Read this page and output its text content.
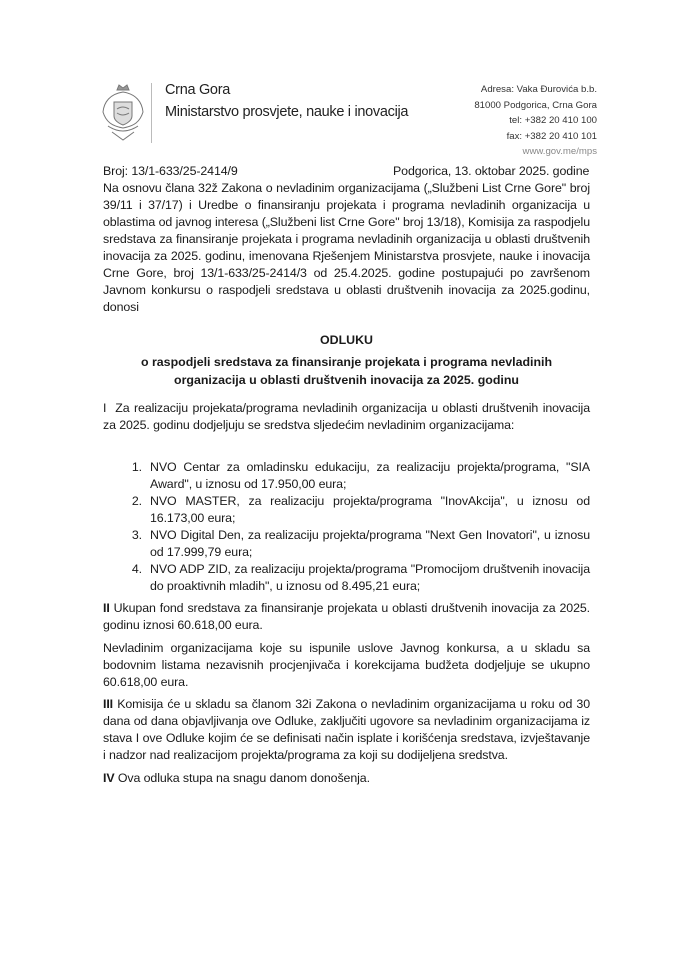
Crna Gora
Ministarstvo prosvjete, nauke i inovacija
Adresa: Vaka Đurovića b.b.
81000 Podgorica, Crna Gora
tel: +382 20 410 100
fax: +382 20 410 101
www.gov.me/mps
Broj: 13/1-633/25-2414/9	Podgorica, 13. oktobar 2025. godine
Na osnovu člana 32ž Zakona o nevladinim organizacijama („Službeni List Crne Gore" broj 39/11 i 37/17) i Uredbe o finansiranju projekata i programa nevladinih organizacija u oblastima od javnog interesa („Službeni list Crne Gore" broj 13/18), Komisija za raspodjelu sredstava za finansiranje projekata i programa nevladinih organizacija u oblasti društvenih inovacija za 2025. godinu, imenovana Rješenjem Ministarstva prosvjete, nauke i inovacija Crne Gore, broj 13/1-633/25-2414/3 od 25.4.2025. godine postupajući po završenom Javnom konkursu o raspodjeli sredstava u oblasti društvenih inovacija za 2025.godinu, donosi
ODLUKU
o raspodjeli sredstava za finansiranje projekata i programa nevladinih organizacija u oblasti društvenih inovacija za 2025. godinu
I Za realizaciju projekata/programa nevladinih organizacija u oblasti društvenih inovacija za 2025. godinu dodjeljuju se sredstva sljedećim nevladinim organizacijama:
1. NVO Centar za omladinsku edukaciju, za realizaciju projekta/programa, "SIA Award", u iznosu od 17.950,00 eura;
2. NVO MASTER, za realizaciju projekta/programa "InovAkcija", u iznosu od 16.173,00 eura;
3. NVO Digital Den, za realizaciju projekta/programa "Next Gen Inovatori", u iznosu od 17.999,79 eura;
4. NVO ADP ZID, za realizaciju projekta/programa "Promocijom društvenih inovacija do proaktivnih mladih", u iznosu od 8.495,21 eura;
II Ukupan fond sredstava za finansiranje projekata u oblasti društvenih inovacija za 2025. godinu iznosi 60.618,00 eura.
Nevladinim organizacijama koje su ispunile uslove Javnog konkursa, a u skladu sa bodovnim listama nezavisnih procjenjivača i korekcijama budžeta dodjeljuje se ukupno 60.618,00 eura.
III Komisija će u skladu sa članom 32i Zakona o nevladinim organizacijama u roku od 30 dana od dana objavljivanja ove Odluke, zaključiti ugovore sa nevladinim organizacijama iz stava I ove Odluke kojim će se definisati način isplate i korišćenja sredstava, izvještavanje i nadzor nad realizacijom projekta/programa za koji su dodijeljena sredstva.
IV Ova odluka stupa na snagu danom donošenja.
